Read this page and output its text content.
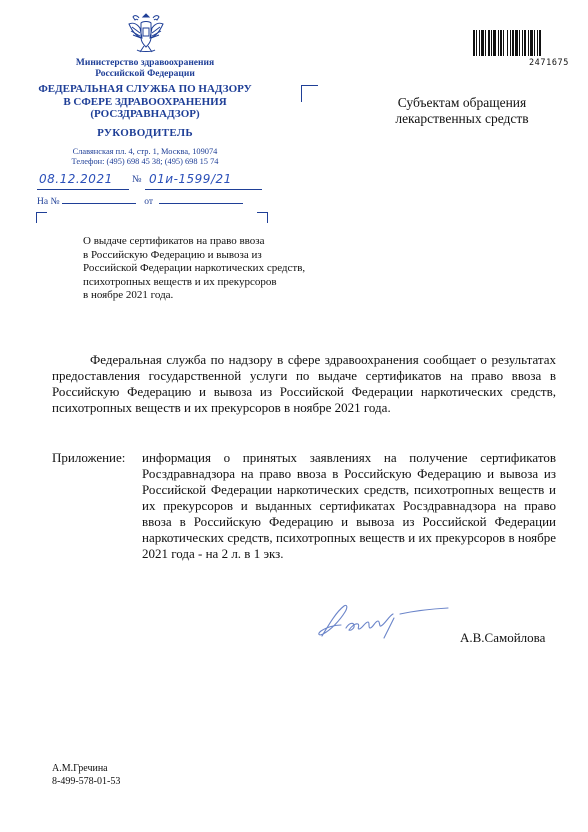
Министерство здравоохранения
Российской Федерации
ФЕДЕРАЛЬНАЯ СЛУЖБА ПО НАДЗОРУ
В СФЕРЕ ЗДРАВООХРАНЕНИЯ
(РОСЗДРАВНАДЗОР)
РУКОВОДИТЕЛЬ
Славянская пл. 4, стр. 1, Москва, 109074
Телефон: (495) 698 45 38; (495) 698 15 74
08.12.2021 № 01и-1599/21
На №	от
2471675
Субъектам обращения
лекарственных средств
О выдаче сертификатов на право ввоза
в Российскую Федерацию и вывоза из
Российской Федерации наркотических средств,
психотропных веществ и их прекурсоров
в ноябре 2021 года.
Федеральная служба по надзору в сфере здравоохранения сообщает о результатах предоставления государственной услуги по выдаче сертификатов на право ввоза в Российскую Федерацию и вывоза из Российской Федерации наркотических средств, психотропных веществ и их прекурсоров в ноябре 2021 года.
Приложение: информация о принятых заявлениях на получение сертификатов Росздравнадзора на право ввоза в Российскую Федерацию и вывоза из Российской Федерации наркотических средств, психотропных веществ и их прекурсоров и выданных сертификатах Росздравнадзора на право ввоза в Российскую Федерацию и вывоза из Российской Федерации наркотических средств, психотропных веществ и их прекурсоров в ноябре 2021 года - на 2 л. в 1 экз.
А.В.Самойлова
А.М.Гречина
8-499-578-01-53
